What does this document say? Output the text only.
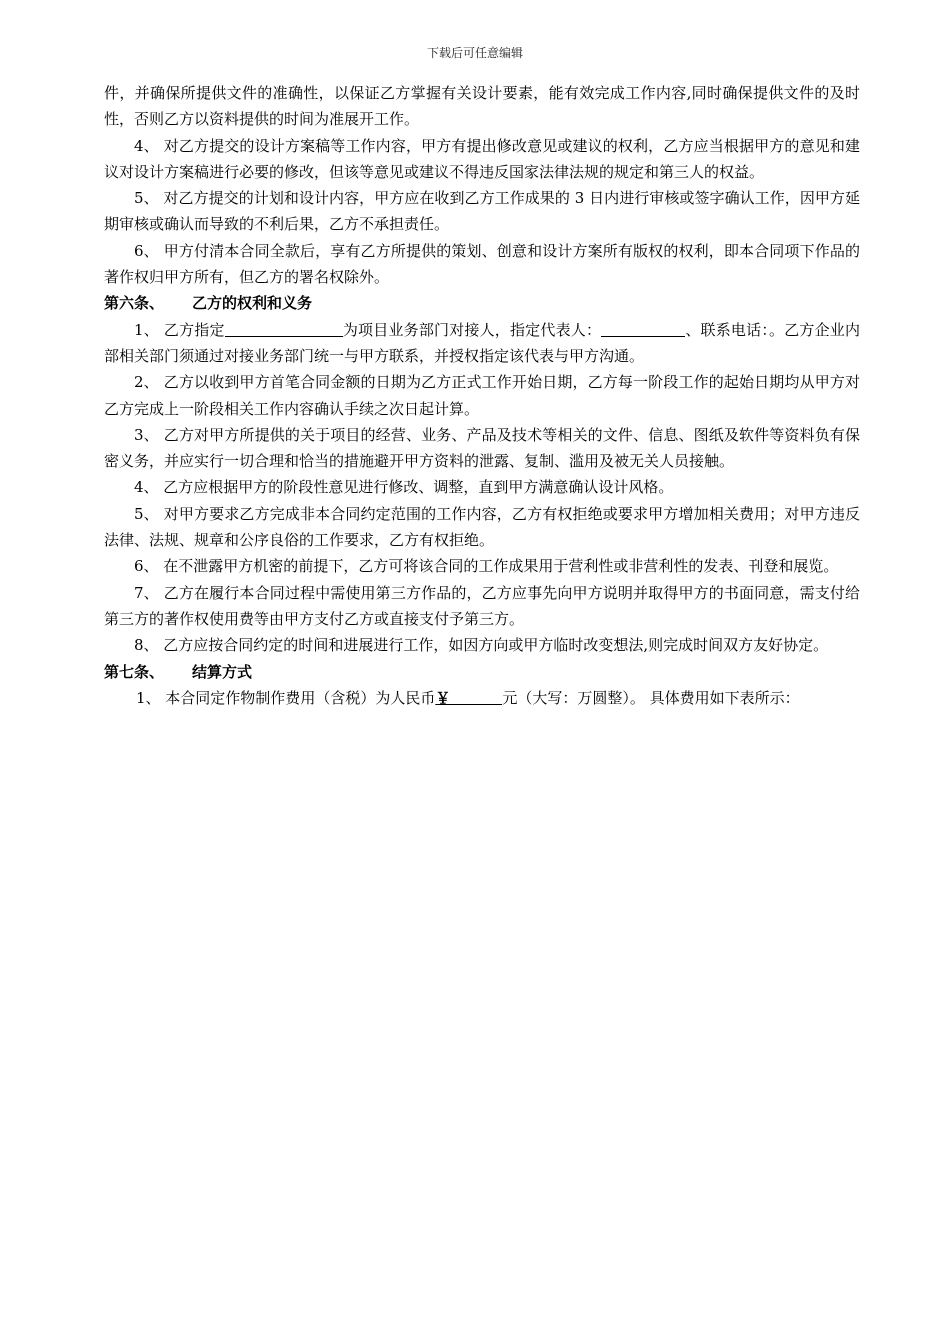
下载后可任意编辑

件，并确保所提供文件的准确性，以保证乙方掌握有关设计要素，能有效完成工作内容,同时确保提供文件的及时性，否则乙方以资料提供的时间为准展开工作。

4、 对乙方提交的设计方案稿等工作内容，甲方有提出修改意见或建议的权利，乙方应当根据甲方的意见和建议对设计方案稿进行必要的修改，但该等意见或建议不得违反国家法律法规的规定和第三人的权益。

5、 对乙方提交的计划和设计内容，甲方应在收到乙方工作成果的 3 日内进行审核或签字确认工作，因甲方延期审核或确认而导致的不利后果，乙方不承担责任。

6、 甲方付清本合同全款后，享有乙方所提供的策划、创意和设计方案所有版权的权利，即本合同项下作品的著作权归甲方所有，但乙方的署名权除外。

第六条、 乙方的权利和义务

1、 乙方指定	为项目业务部门对接人，指定代表人：	、联系电话：。乙方企业内部相关部门须通过对接业务部门统一与甲方联系，并授权指定该代表与甲方沟通。

2、 乙方以收到甲方首笔合同金额的日期为乙方正式工作开始日期，乙方每一阶段工作的起始日期均从甲方对乙方完成上一阶段相关工作内容确认手续之次日起计算。

3、 乙方对甲方所提供的关于项目的经营、业务、产品及技术等相关的文件、信息、图纸及软件等资料负有保密义务，并应实行一切合理和恰当的措施避开甲方资料的泄露、复制、滥用及被无关人员接触。

4、 乙方应根据甲方的阶段性意见进行修改、调整，直到甲方满意确认设计风格。

5、 对甲方要求乙方完成非本合同约定范围的工作内容，乙方有权拒绝或要求甲方增加相关费用；对甲方违反法律、法规、规章和公序良俗的工作要求，乙方有权拒绝。

6、 在不泄露甲方机密的前提下，乙方可将该合同的工作成果用于营利性或非营利性的发表、刊登和展览。

7、 乙方在履行本合同过程中需使用第三方作品的，乙方应事先向甲方说明并取得甲方的书面同意，需支付给第三方的著作权使用费等由甲方支付乙方或直接支付予第三方。

8、 乙方应按合同约定的时间和进展进行工作，如因方向或甲方临时改变想法,则完成时间双方友好协定。

第七条、 结算方式

1、 本合同定作物制作费用（含税）为人民币￥	元（大写：万圆整）。 具体费用如下表所示：
